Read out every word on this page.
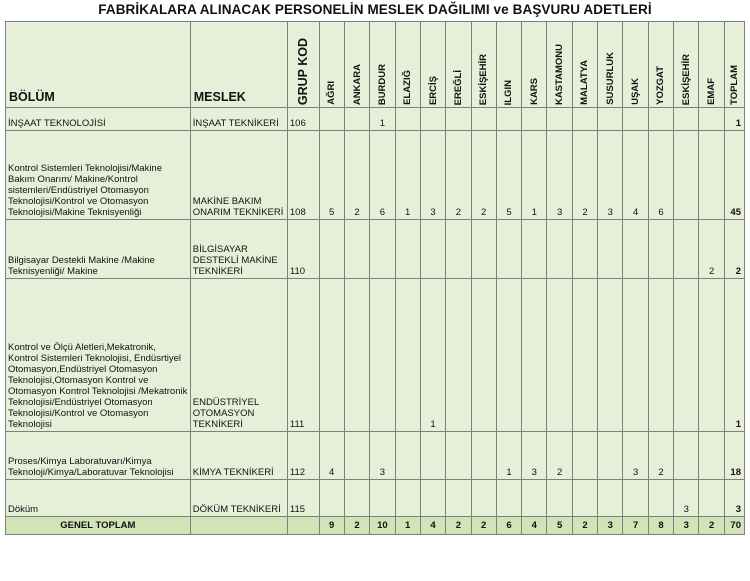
FABRİKALARA ALINACAK PERSONELİN MESLEK DAĞILIMI ve BAŞVURU ADETLERİ
BÖLÜM	MESLEK	GRUP KOD	AĞRI	ANKARA	BURDUR	ELAZIĞ	ERCİŞ	EREĞLİ	ESKİŞEHİR	ILGIN	KARS	KASTAMONU	MALATYA	SUSURLUK	UŞAK	YOZGAT	ESKİŞEHİR	EMAF	TOPLAM

İNŞAAT TEKNOLOJİSİ	İNŞAAT TEKNİKERİ	106			1														1
Kontrol Sistemleri Teknolojisi/Makine Bakım Onarım/ Makine/Kontrol sistemleri/Endüstriyel Otomasyon Teknolojisi/Kontrol ve Otomasyon Teknolojisi/Makine Teknisyenliği	MAKİNE BAKIM ONARIM TEKNİKERİ	108	5	2	6	1	3	2	2	5	1	3	2	3	4	6			45
Bilgisayar Destekli Makine /Makine Teknisyenliği/ Makine	BİLGİSAYAR DESTEKLİ MAKİNE TEKNİKERİ	110																2	2
Kontrol ve Ölçü Aletleri,Mekatronik, Kontrol Sistemleri Teknolojisi, Endüsrtiyel Otomasyon,Endüstriyel Otomasyon Teknolojisi,Otomasyon Kontrol ve Otomasyon Kontrol Teknolojisi /Mekatronik Teknolojisi/Endüstriyel Otomasyon Teknolojisi/Kontrol ve Otomasyon Teknolojisi	ENDÜSTRİYEL OTOMASYON TEKNİKERİ	111					1												1
Proses/Kimya Laboratuvarı/Kimya Teknoloji/Kimya/Laboratuvar Teknolojisi	KİMYA TEKNİKERİ	112	4		3					1	3	2			3	2			18
Döküm	DÖKÜM TEKNİKERİ	115															3		3
GENEL TOPLAM			9	2	10	1	4	2	2	6	4	5	2	3	7	8	3	2	70
